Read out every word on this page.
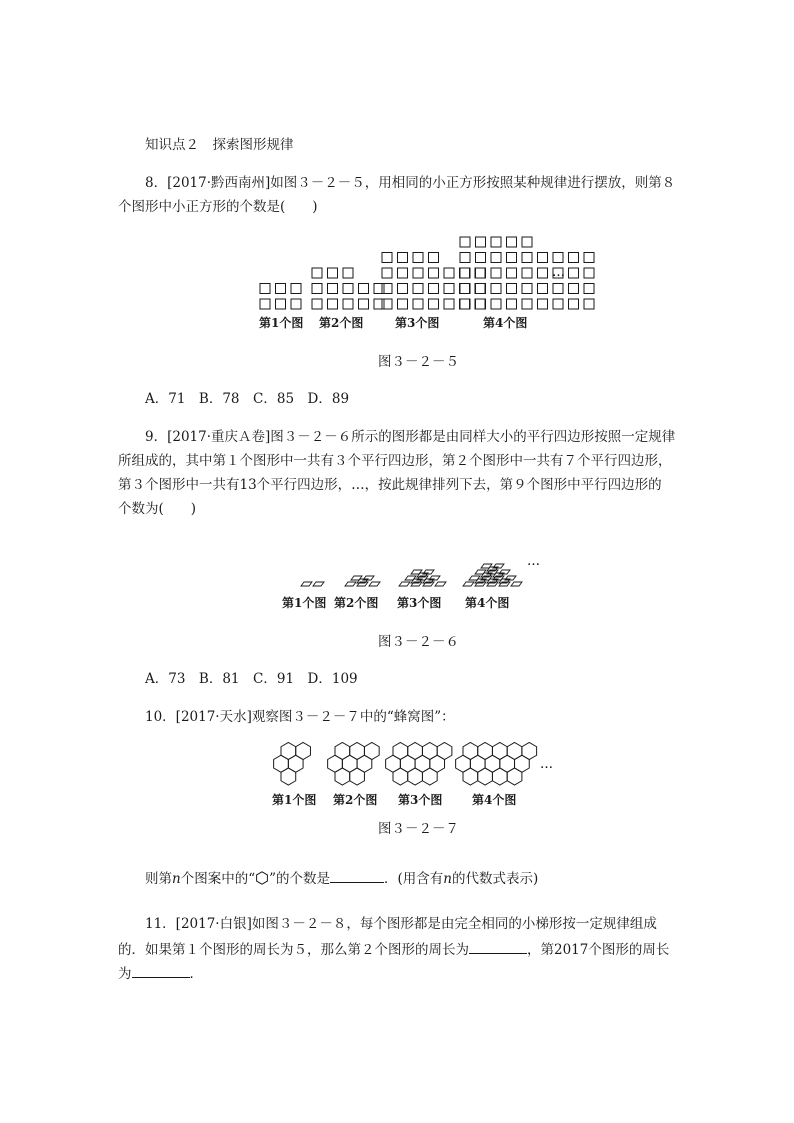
知识点２　探索图形规律
8．[2017·黔西南州]如图３－２－５，用相同的小正方形按照某种规律进行摆放，则第８
个图形中小正方形的个数是(　　)
…
第1个图 第2个图	第3个图	第4个图
图３－２－５
A．71　B．78　C．85　D．89
9．[2017·重庆Ａ卷]图３－２－６所示的图形都是由同样大小的平行四边形按照一定规律
所组成的，其中第１个图形中一共有３个平行四边形，第２个图形中一共有７个平行四边形，
第３个图形中一共有13个平行四边形，…，按此规律排列下去，第９个图形中平行四边形的
个数为(　　)
…
第1个图 第2个图 第3个图 第4个图
图３－２－６
A．73　B．81　C．91　D．109
10．[2017·天水]观察图３－２－７中的“蜂窝图”：
…
第1个图 第2个图 第3个图 第4个图
图３－２－７
则第n个图案中的“ ”的个数是	．(用含有n的代数式表示)
11．[2017·白银]如图３－２－８，每个图形都是由完全相同的小梯形按一定规律组成
的．如果第１个图形的周长为５，那么第２个图形的周长为	，第2017个图形的周长
为	．
